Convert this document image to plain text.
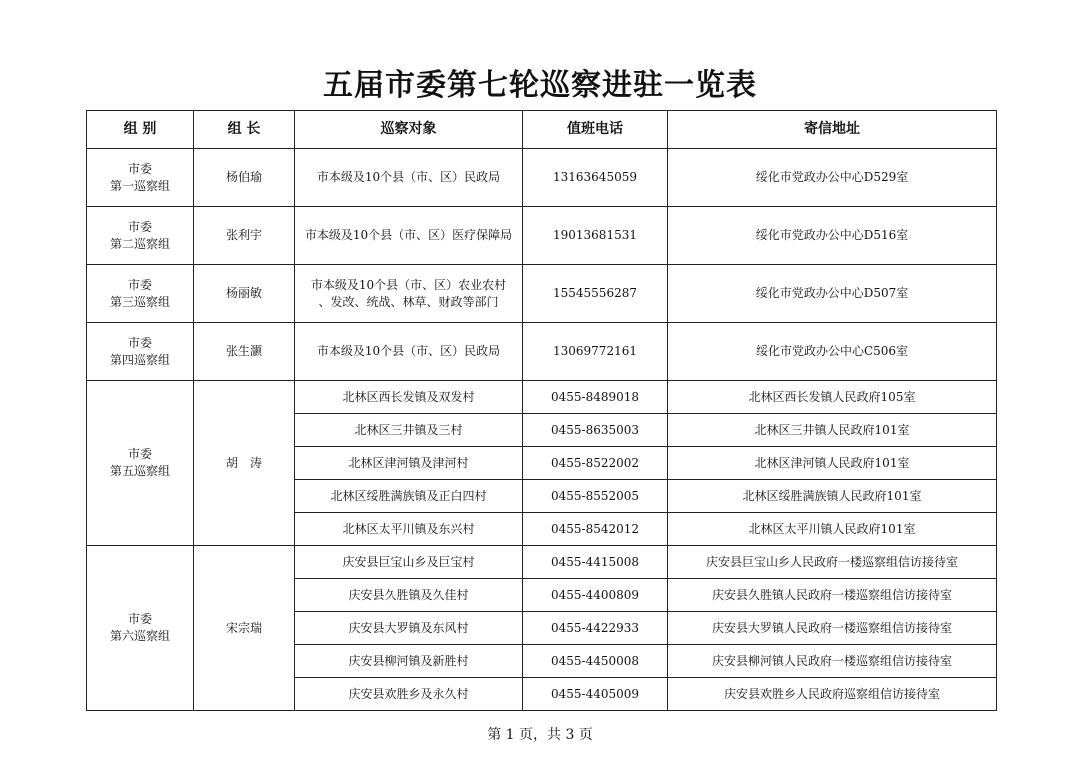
五届市委第七轮巡察进驻一览表
组 别	组 长	巡察对象	值班电话	寄信地址
市委
第一巡察组	杨伯瑜	市本级及10个县（市、区）民政局	13163645059	绥化市党政办公中心D529室
市委
第二巡察组	张利宇	市本级及10个县（市、区）医疗保障局	19013681531	绥化市党政办公中心D516室
市委
第三巡察组	杨丽敏	市本级及10个县（市、区）农业农村
、发改、统战、林草、财政等部门	15545556287	绥化市党政办公中心D507室
市委
第四巡察组	张生灏	市本级及10个县（市、区）民政局	13069772161	绥化市党政办公中心C506室
市委
第五巡察组	胡　涛	北林区西长发镇及双发村	0455-8489018	北林区西长发镇人民政府105室
		北林区三井镇及三村	0455-8635003	北林区三井镇人民政府101室
		北林区津河镇及津河村	0455-8522002	北林区津河镇人民政府101室
		北林区绥胜满族镇及正白四村	0455-8552005	北林区绥胜满族镇人民政府101室
		北林区太平川镇及东兴村	0455-8542012	北林区太平川镇人民政府101室
市委
第六巡察组	宋宗瑞	庆安县巨宝山乡及巨宝村	0455-4415008	庆安县巨宝山乡人民政府一楼巡察组信访接待室
		庆安县久胜镇及久佳村	0455-4400809	庆安县久胜镇人民政府一楼巡察组信访接待室
		庆安县大罗镇及东风村	0455-4422933	庆安县大罗镇人民政府一楼巡察组信访接待室
		庆安县柳河镇及新胜村	0455-4450008	庆安县柳河镇人民政府一楼巡察组信访接待室
		庆安县欢胜乡及永久村	0455-4405009	庆安县欢胜乡人民政府巡察组信访接待室
第 1 页，共 3 页
